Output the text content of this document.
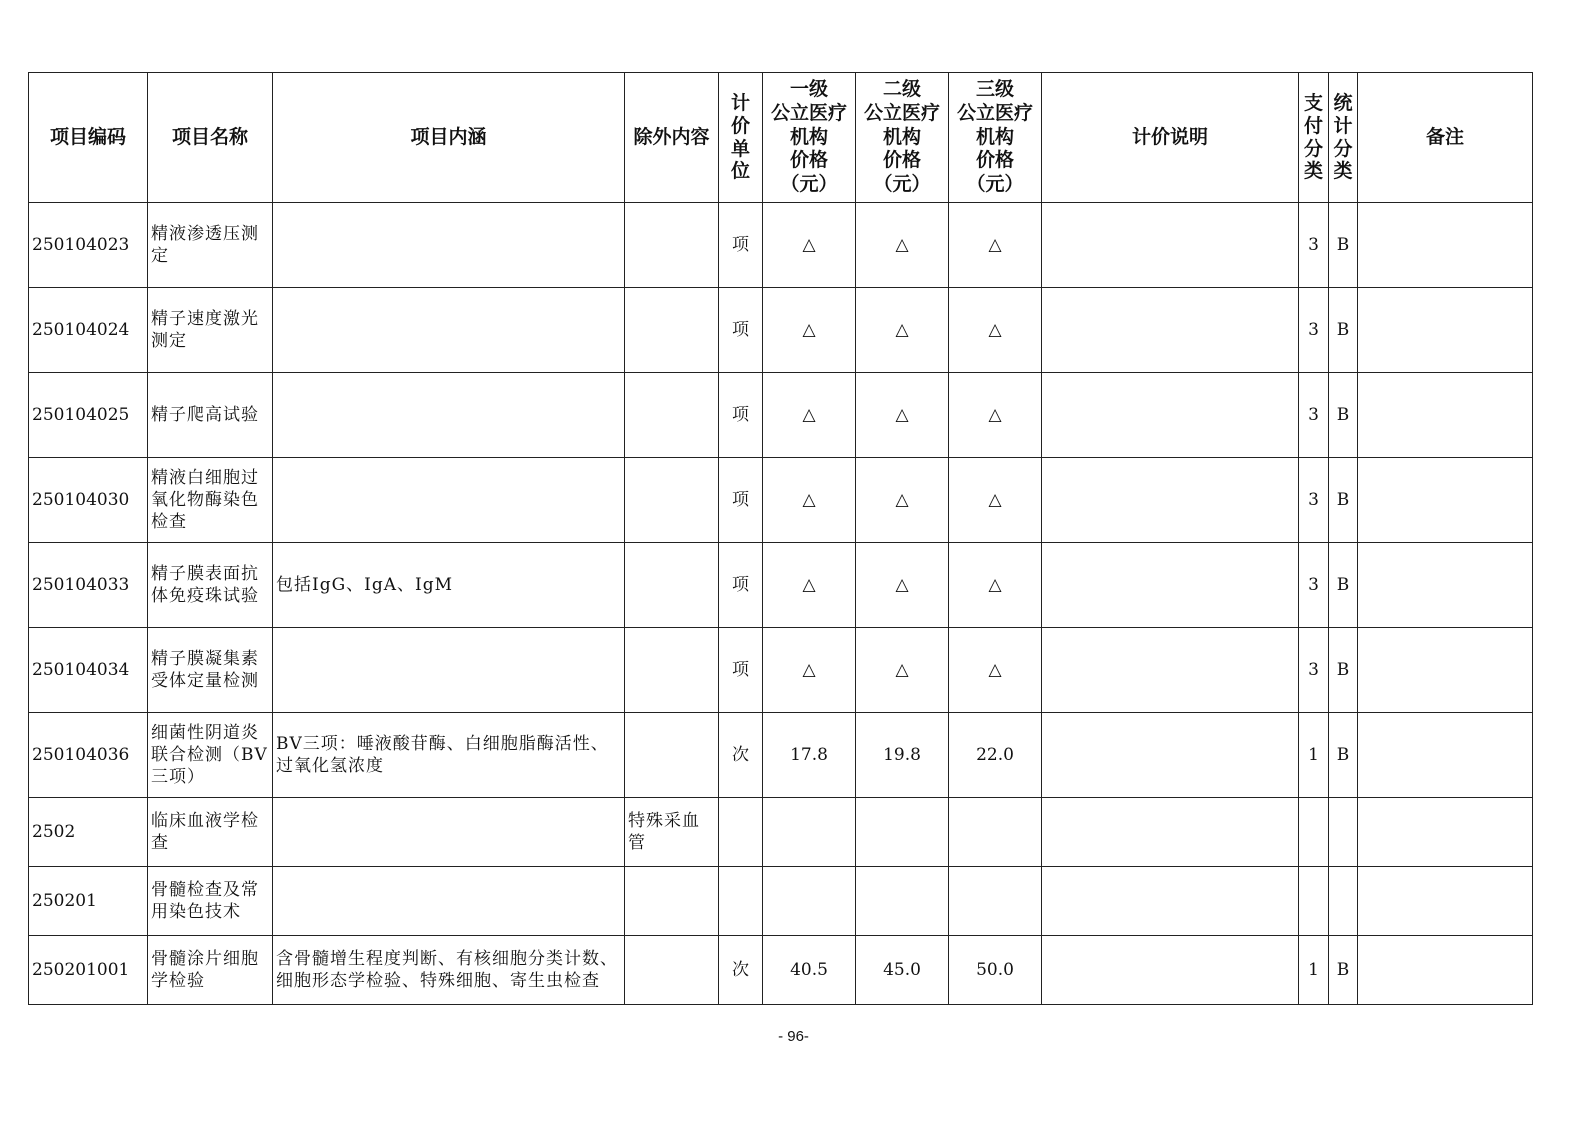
项目编码	项目名称	项目内涵	除外内容	计
价
单
位	一级
公立医疗
机构
价格
（元）	二级
公立医疗
机构
价格
（元）	三级
公立医疗
机构
价格
（元）	计价说明	支
付
分
类	统
计
分
类	备注

250104023	精液渗透压测定			项	△	△	△		3	B	
250104024	精子速度激光测定			项	△	△	△		3	B	
250104025	精子爬高试验			项	△	△	△		3	B	
250104030	精液白细胞过氧化物酶染色检查			项	△	△	△		3	B	
250104033	精子膜表面抗体免疫珠试验	包括IgG、IgA、IgM		项	△	△	△		3	B	
250104034	精子膜凝集素受体定量检测			项	△	△	△		3	B	
250104036	细菌性阴道炎联合检测（BV三项）	BV三项：唾液酸苷酶、白细胞脂酶活性、过氧化氢浓度		次	17.8	19.8	22.0		1	B	
2502	临床血液学检查		特殊采血管								
250201	骨髓检查及常用染色技术										
250201001	骨髓涂片细胞学检验	含骨髓增生程度判断、有核细胞分类计数、细胞形态学检验、特殊细胞、寄生虫检查		次	40.5	45.0	50.0		1	B	
- 96-
